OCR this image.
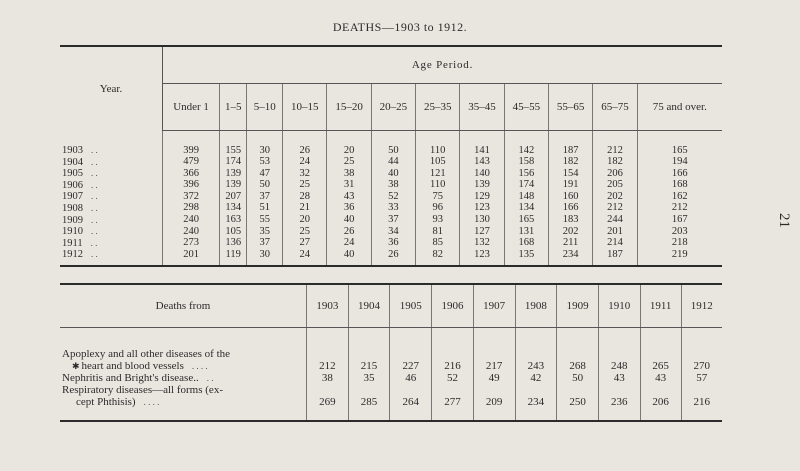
DEATHS—1903 to 1912.
21
Year.	Age Period.											
	Under 1	1–5	5–10	10–15	15–20	20–25	25–35	35–45	45–55	55–65	65–75	75 and over.

1903 . .	399	155	30	26	20	50	110	141	142	187	212	165
1904 . .	479	174	53	24	25	44	105	143	158	182	182	194
1905 . .	366	139	47	32	38	40	121	140	156	154	206	166
1906 . .	396	139	50	25	31	38	110	139	174	191	205	168
1907 . .	372	207	37	28	43	52	75	129	148	160	202	162
1908 . .	298	134	51	21	36	33	96	123	134	166	212	212
1909 . .	240	163	55	20	40	37	93	130	165	183	244	167
1910 . .	240	105	35	25	26	34	81	127	131	202	201	203
1911 . .	273	136	37	27	24	36	85	132	168	211	214	218
1912 . .	201	119	30	24	40	26	82	123	135	234	187	219
Deaths from	1903	1904	1905	1906	1907	1908	1909	1910	1911	1912

Apoplexy and all other diseases of the
✱ heart and blood vessels . . . .	212	215	227	216	217	243	268	248	265	270

Nephritis and Bright's disease.. . .	38	35	46	52	49	42	50	43	43	57

Respiratory diseases—all forms (ex-
cept Phthisis) . . . .	269	285	264	277	209	234	250	236	206	216
